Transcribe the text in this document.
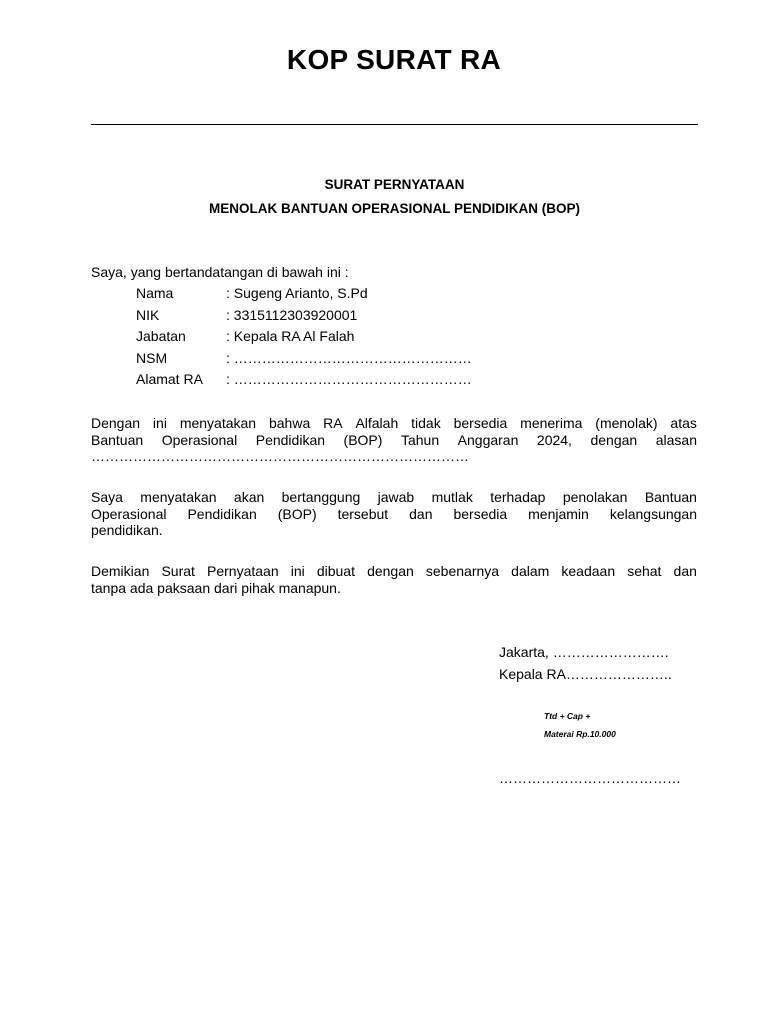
KOP SURAT RA
SURAT PERNYATAAN
MENOLAK BANTUAN OPERASIONAL PENDIDIKAN (BOP)
Saya, yang bertandatangan di bawah ini :
Nama	: Sugeng Arianto, S.Pd
NIK	: 3315112303920001
Jabatan	: Kepala RA Al Falah
NSM	: ……………………………………………
Alamat RA	: ……………………………………………
Dengan ini menyatakan bahwa RA Alfalah tidak bersedia menerima (menolak) atas
Bantuan Operasional Pendidikan (BOP) Tahun Anggaran 2024, dengan alasan
………………………………………………………………………
Saya menyatakan akan bertanggung jawab mutlak terhadap penolakan Bantuan
Operasional Pendidikan (BOP) tersebut dan bersedia menjamin kelangsungan
pendidikan.
Demikian Surat Pernyataan ini dibuat dengan sebenarnya dalam keadaan sehat dan
tanpa ada paksaan dari pihak manapun.
Jakarta, …………………….
Kepala RA…………………..
Ttd + Cap +
Materai Rp.10.000
…………………………………
